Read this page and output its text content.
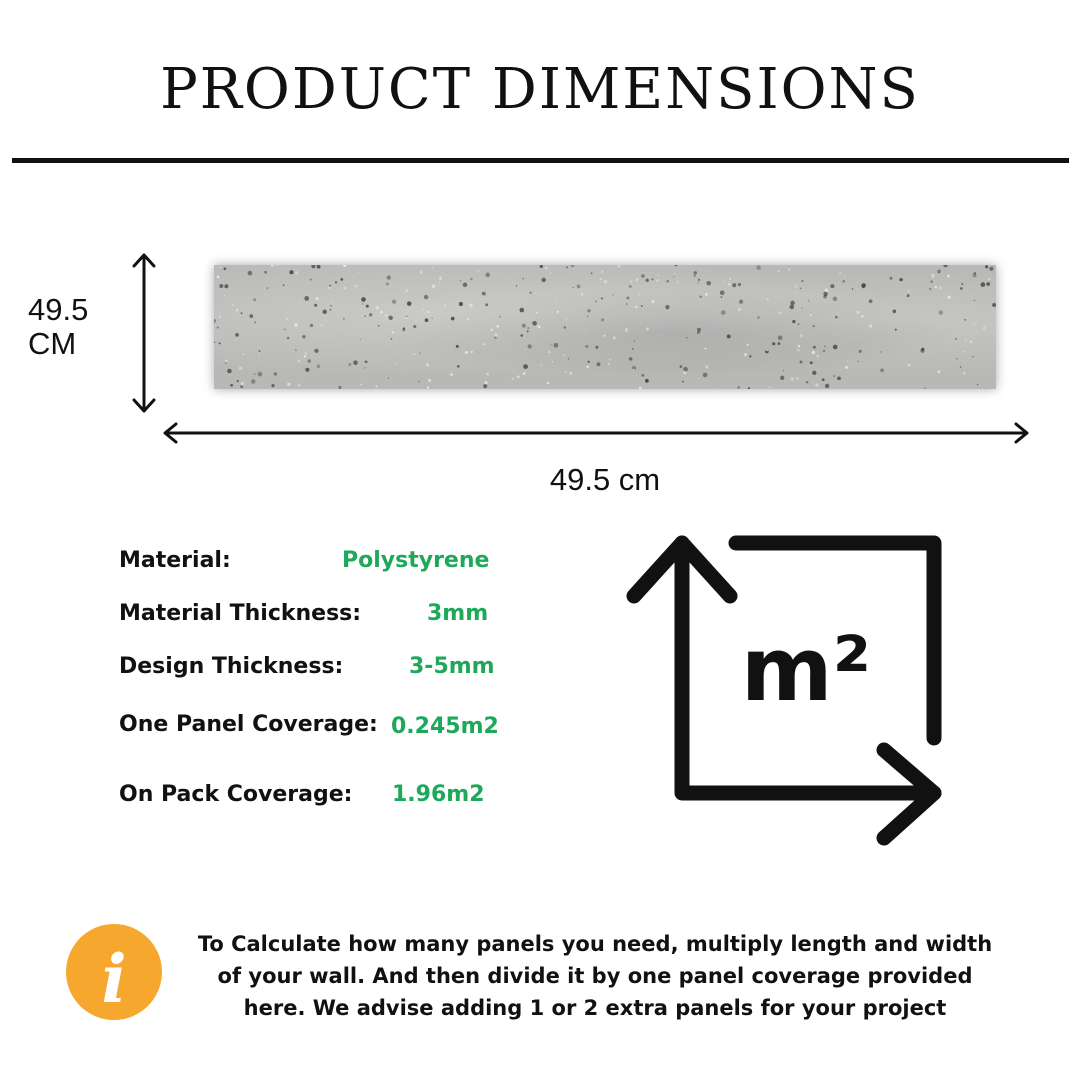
PRODUCT DIMENSIONS
49.5
CM
49.5 cm
Material:	Polystyrene
Material Thickness:	3mm
Design Thickness:	3-5mm
One Panel Coverage: 0.245m2
On Pack Coverage: 1.96m2
m²
i	To Calculate how many panels you need, multiply length and width
of your wall. And then divide it by one panel coverage provided
here. We advise adding 1 or 2 extra panels for your project
